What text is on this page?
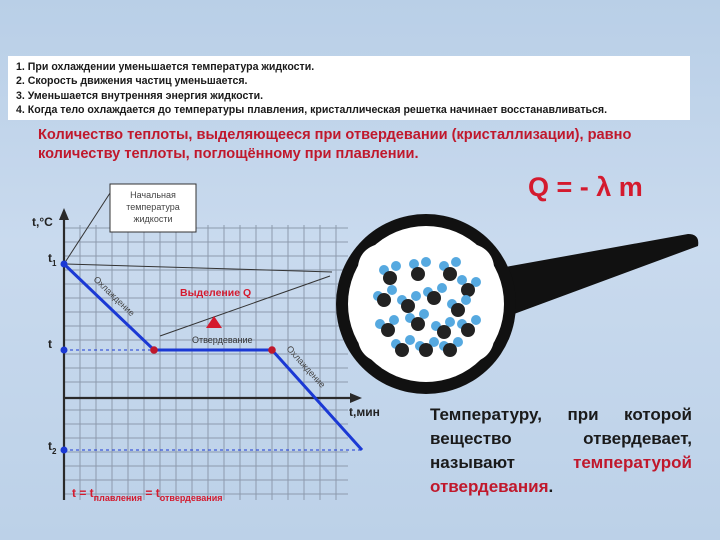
1. При охлаждении уменьшается температура жидкости.
2. Скорость движения частиц уменьшается.
3. Уменьшается внутренняя энергия жидкости.
4. Когда тело охлаждается до температуры плавления, кристаллическая решетка начинает восстанавливаться.
Количество теплоты, выделяющееся при отвердевании (кристаллизации), равно количеству теплоты, поглощённому при плавлении.
Q = - λ m
Температуру, при которой вещество отвердевает, называют температурой отвердевания.
Начальная
температура
жидкости
t,°C
t,мин
$t_1$
t
$t_2$
Охлаждение
Охлаждение
Отвердевание
Выделение Q
$t = t_{плавления} = t_{отвердевания}$
